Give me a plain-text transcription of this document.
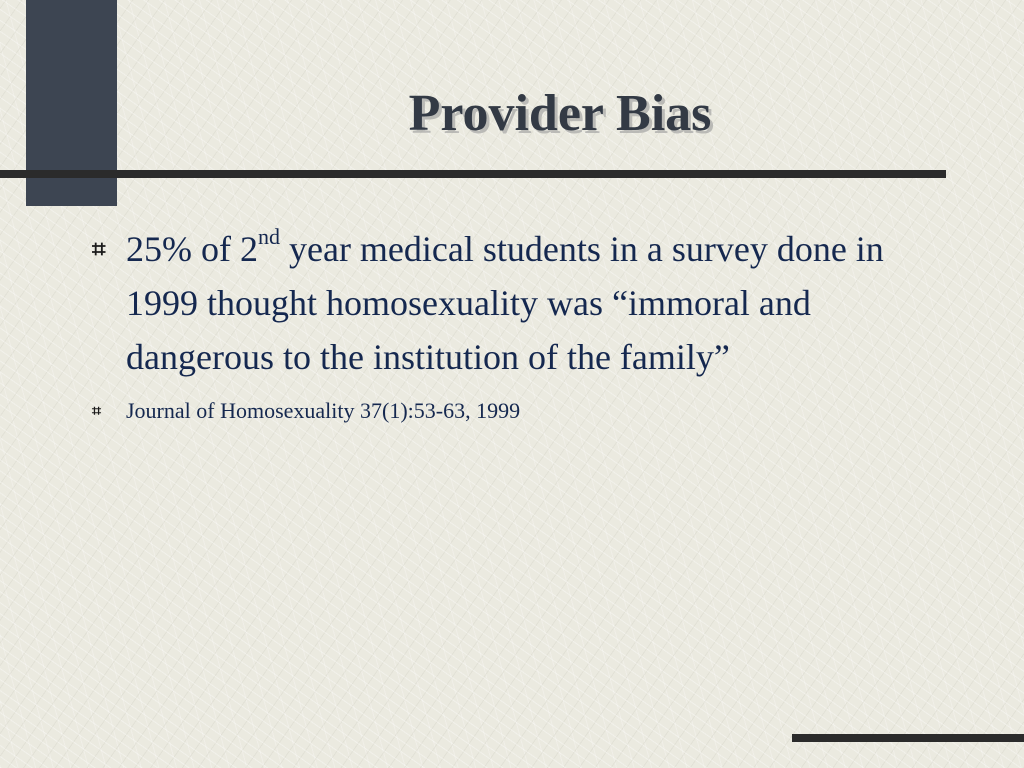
Provider Bias
⌗ 25% of 2nd year medical students in a survey done in 1999 thought homosexuality was “immoral and dangerous to the institution of the family”
⌗ Journal of Homosexuality 37(1):53-63, 1999
